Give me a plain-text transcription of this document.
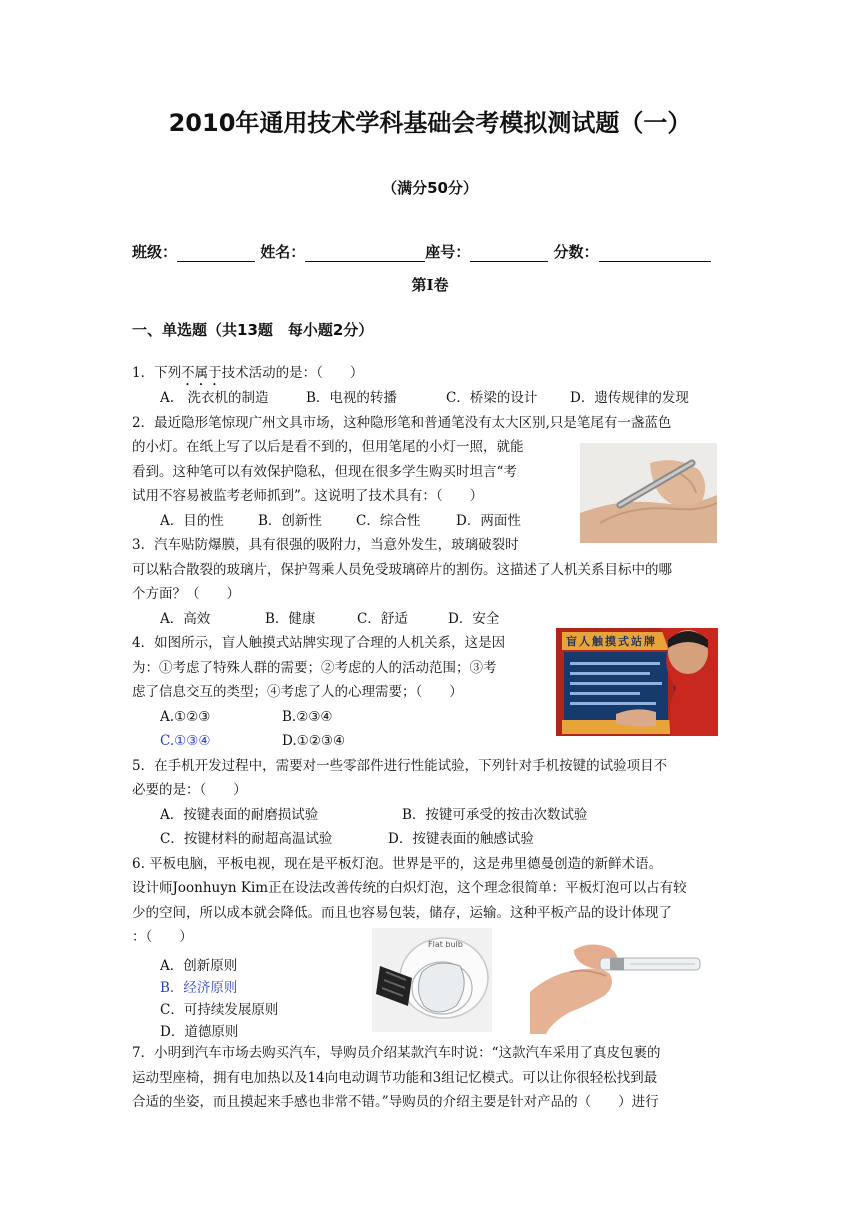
2010年通用技术学科基础会考模拟测试题（一）
（满分50分）
班级：	姓名：	座号：	分数：
第Ⅰ卷
一、单选题（共13题　每小题2分）
1．下列不属于技术活动的是：（　　）
A.　洗衣机的制造	B．电视的转播	C．桥梁的设计 D．遗传规律的发现
2．最近隐形笔惊现广州文具市场，这种隐形笔和普通笔没有太大区别,只是笔尾有一盏蓝色
的小灯。在纸上写了以后是看不到的，但用笔尾的小灯一照，就能
看到。这种笔可以有效保护隐私，但现在很多学生购买时坦言“考
试用不容易被监考老师抓到”。这说明了技术具有：（　　）
A．目的性	B．创新性	C．综合性	D．两面性
3．汽车贴防爆膜，具有很强的吸附力，当意外发生，玻璃破裂时
可以粘合散裂的玻璃片，保护驾乘人员免受玻璃碎片的割伤。这描述了人机关系目标中的哪
个方面？（　　）
A．高效	B．健康	C．舒适	D．安全
4．如图所示，盲人触摸式站牌实现了合理的人机关系，这是因
为：①考虑了特殊人群的需要；②考虑的人的活动范围；③考
虑了信息交互的类型；④考虑了人的心理需要；（　　）
A.①②③	B.②③④
C.①③④	D.①②③④
盲人触摸式站牌
5．在手机开发过程中，需要对一些零部件进行性能试验，下列针对手机按键的试验项目不
必要的是：（　　）
A．按键表面的耐磨损试验	B．按键可承受的按击次数试验
C．按键材料的耐超高温试验	D．按键表面的触感试验
6. 平板电脑，平板电视，现在是平板灯泡。世界是平的，这是弗里德曼创造的新鲜术语。
设计师Joonhuyn Kim正在设法改善传统的白炽灯泡，这个理念很简单：平板灯泡可以占有较
少的空间，所以成本就会降低。而且也容易包装，储存，运输。这种平板产品的设计体现了
：（　　）
A．创新原则
B．经济原则
C．可持续发展原则
D．道德原则
Flat bulb
7．小明到汽车市场去购买汽车，导购员介绍某款汽车时说：“这款汽车采用了真皮包裹的
运动型座椅，拥有电加热以及14向电动调节功能和3组记忆模式。可以让你很轻松找到最
合适的坐姿，而且摸起来手感也非常不错。”导购员的介绍主要是针对产品的（　　）进行
